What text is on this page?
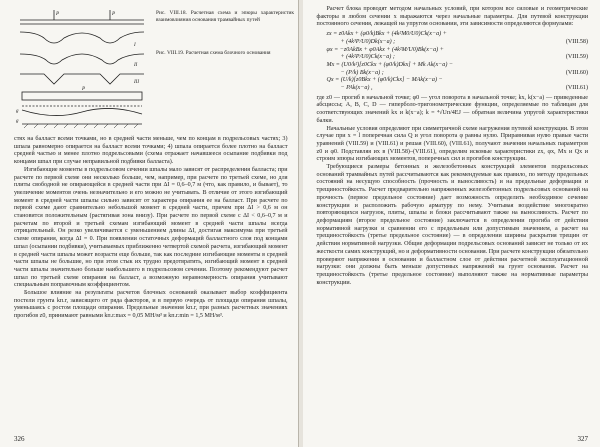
P	P
P
I
II
III
g
g
Рис. VIII.18. Расчетная схема и эпюры характеристик взаимовлияния основания трамвайных путей
Рис. VIII.19. Расчетная схема блочного основания

стях на балласт всеми точками, но в средней части меньше, чем по концам в подрельсовых частях; 3) шпала равномерно опирается на балласт всеми точками; 4) шпала опирается более плотно на балласт средней частью и менее плотно подрельсовыми (схема отражает начавшееся осыпание подбивки под концами шпал при случае неправильной подбивки балласта).

Изгибающие моменты в подрельсовом сечении шпалы мало зависят от распределения балласта; при расчете по первой схеме они несколько больше, чем, например, при расчете по третьей схеме, но для плиты свободной не опирающейся в средней части при ΔI = 0,6–0,7 м (что, как правило, и бывает), то увеличение моментов очень незначительно и его можно не учитывать. В отличие от этого изгибающий момент в средней части шпалы сильно зависит от характера опирания ее на балласт. При расчете по первой схеме дают сравнительно небольшой момент в средней части, причем при ΔI > 0,6 м он становится положительным (растягивая зона внизу). При расчете по первой схеме с ΔI < 0,6–0,7 м и расчетам по второй и третьей схемам изгибающий момент в средней части шпалы всегда отрицательный. Он резко увеличивается с уменьшением длины ΔI, достигая максимума при третьей схеме опирания, когда ΔI = 0. При появлении остаточных деформаций балластного слоя под концами шпал (осыпании подбивки), учитываемых приближенно четвертой схемой расчета, изгибающий момент в средней части шпалы может возрасти еще больше, так как последние изгибающие моменты в средней части шпалы не большие, но при этом стык их трудно предотвратить, изгибающий момент в средней части шпалы значительно больше наибольшего в подрельсовом сечении. Поэтому рекомендуют расчет шпал по третьей схеме опирания на балласт, а возможную неравномерность опирания учитывают специальным поправочным коэффициентом.

Большое влияние на результаты расчетов блочных оснований оказывает выбор коэффициента постели грунта kп.г, зависящего от ряда факторов, и в первую очередь от площади опирания шпалы, уменьшаясь с ростом площади опирания. Предельные значения kп.г, при разных расчетных значениях прогибов z0, принимают равными kп.г.max = 0,05 МН/м³ и kп.г.min = 1,5 МН/м³.

326

Расчет блока проводят методом начальных условий, при котором все силовые и геометрические факторы в любом сечении x выражаются через начальные параметры. Для путевой конструкции постоянного сечения, лежащей на упругом основании, эти зависимости определяются формулами:

zx = z0Akx + (φ0/k)Bkx + (4k²M0/U0)Ck(x−a) +
+ (4k³P/U0)Dk(x−a) ;	(VIII.58)
φx = −z0AkBx + φ0Akx + (4k²M/U0)Bk(x−a) +
+ (4k²P/U0)Ck(x−a) ;	(VIII.59)
Mx = (U0/k²)[z0Ckx + (φ0/k)Dkx] + Mk Ak(x−a) −
− (P/k) Bk(x−a) ;	(VIII.60)
Qx = (U/k)[z0Bkx + (φ0/k)Ckx] − MAk(x−a) −
− PAk(x−a) ,	(VIII.61)

где z0 — прогиб в начальной точке; φ0 — угол поворота в начальной точке; kx, k(x−a) — приведенные абсциссы; A, B, C, D — гиперболо-тригонометрические функции, определяемые по таблицам для соответствующих значений kx и k(x−a); k = ⁴√Uп/4EJ — обратная величина упругой характеристики балки.

Начальные условия определяют при симметричной схеме нагружения путевой конструкции. В этом случае при x = l поперечная сила Q и угол поворота φ равны нулю. Приравнивая нулю правые части уравнений (VIII.59) и (VIII.61) и решая (VIII.60), (VIII.61), получают значения начальных параметров z0 и φ0. Подставляя их в (VIII.58)–(VIII.61), определим искомые характеристики zx, φx, Mx и Qx и строим эпюры изгибающих моментов, поперечных сил и прогибов конструкции.

Требующиеся размеры бетонных и железобетонных конструкций элементов подрельсовых оснований трамвайных путей рассчитываются как рекомендуемые как правило, по методу предельных состояний на несущую способность (прочность и выносливость) и на предельные деформации и трещиностойкость. Расчет предварительно напряженных железобетонных подрельсовых оснований на прочность (первое предельное состояние) дает возможность определить необходимое сечение конструкции и расположить рабочую арматуру по нему. Учитывая воздействие многократно повторяющихся нагрузок, плиты, шпалы и блоки рассчитывают также на выносливость. Расчет по деформациям (второе предельное состояние) заключается в определении прогиба от действия нормативной нагрузки и сравнении его с предельным или допустимым значением, а расчет на трещиностойкость (третье предельное состояние) — в определении ширины раскрытия трещин от действия нормативной нагрузки. Общие деформации подрельсовых оснований зависят не только от их жесткости самих конструкций, но и деформативности основания. При расчете конструкции обязательно проверяют напряжения в основании и балластном слое от действия расчетной эксплуатационной нагрузки: они должны быть меньше допустимых напряжений на грунт основания. Расчет на трещиностойкость (третье предельное состояние) выполняют также на нормативные параметры конструкции.

327
